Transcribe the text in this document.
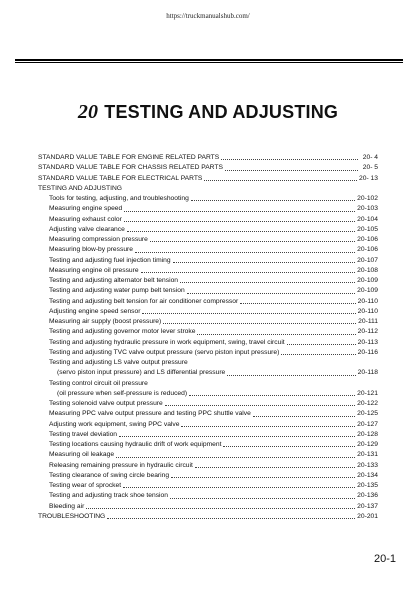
https://truckmanualshub.com/
20 TESTING AND ADJUSTING
STANDARD VALUE TABLE FOR ENGINE RELATED PARTS	20- 4
STANDARD VALUE TABLE FOR CHASSIS RELATED PARTS	20- 5
STANDARD VALUE TABLE FOR ELECTRICAL PARTS	20- 13
TESTING AND ADJUSTING
Tools for testing, adjusting, and troubleshooting	20-102
Measuring engine speed	20-103
Measuring exhaust color	20-104
Adjusting valve clearance	20-105
Measuring compression pressure	20-106
Measuring blow-by pressure	20-106
Testing and adjusting fuel injection timing	20-107
Measuring engine oil pressure	20-108
Testing and adjusting alternator belt tension	20-109
Testing and adjusting water pump belt tension	20-109
Testing and adjusting belt tension for air conditioner compressor	20-110
Adjusting engine speed sensor	20-110
Measuring air supply (boost pressure)	20-111
Testing and adjusting governor motor lever stroke	20-112
Testing and adjusting hydraulic pressure in work equipment, swing, travel circuit	20-113
Testing and adjusting TVC valve output pressure (servo piston input pressure)	20-116
Testing and adjusting LS valve output pressure
(servo piston input pressure) and LS differential pressure	20-118
Testing control circuit oil pressure
(oil pressure when self-pressure is reduced)	20-121
Testing solenoid valve output pressure	20-122
Measuring PPC valve output pressure and testing PPC shuttle valve	20-125
Adjusting work equipment, swing PPC valve	20-127
Testing travel deviation	20-128
Testing locations causing hydraulic drift of work equipment	20-129
Measuring oil leakage	20-131
Releasing remaining pressure in hydraulic circuit	20-133
Testing clearance of swing circle bearing	20-134
Testing wear of sprocket	20-135
Testing and adjusting track shoe tension	20-136
Bleeding air	20-137
TROUBLESHOOTING	20-201
20-1
